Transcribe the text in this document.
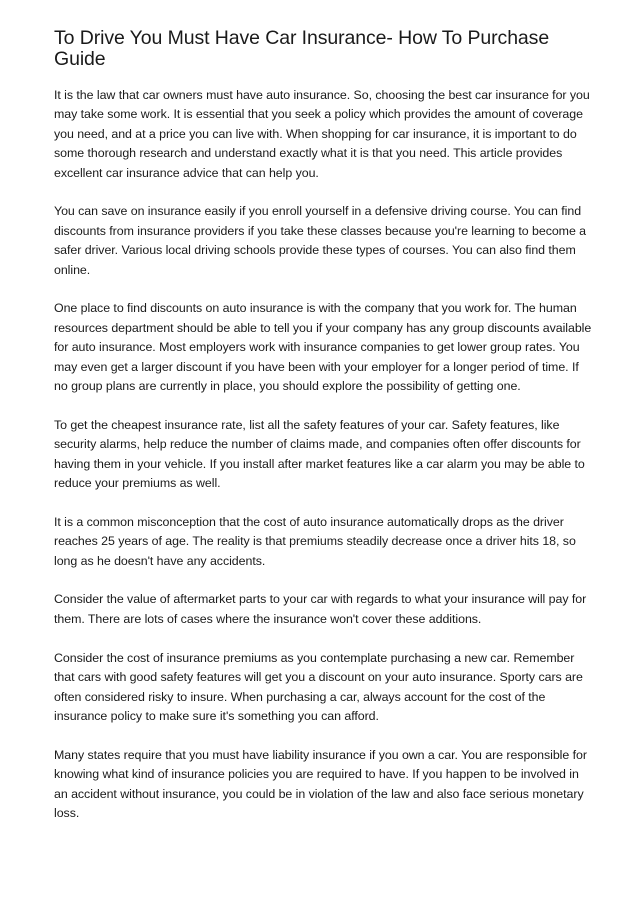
To Drive You Must Have Car Insurance- How To Purchase Guide

It is the law that car owners must have auto insurance. So, choosing the best car insurance for you may take some work. It is essential that you seek a policy which provides the amount of coverage you need, and at a price you can live with. When shopping for car insurance, it is important to do some thorough research and understand exactly what it is that you need. This article provides excellent car insurance advice that can help you.

You can save on insurance easily if you enroll yourself in a defensive driving course. You can find discounts from insurance providers if you take these classes because you're learning to become a safer driver. Various local driving schools provide these types of courses. You can also find them online.

One place to find discounts on auto insurance is with the company that you work for. The human resources department should be able to tell you if your company has any group discounts available for auto insurance. Most employers work with insurance companies to get lower group rates. You may even get a larger discount if you have been with your employer for a longer period of time. If no group plans are currently in place, you should explore the possibility of getting one.

To get the cheapest insurance rate, list all the safety features of your car. Safety features, like security alarms, help reduce the number of claims made, and companies often offer discounts for having them in your vehicle. If you install after market features like a car alarm you may be able to reduce your premiums as well.

It is a common misconception that the cost of auto insurance automatically drops as the driver reaches 25 years of age. The reality is that premiums steadily decrease once a driver hits 18, so long as he doesn't have any accidents.

Consider the value of aftermarket parts to your car with regards to what your insurance will pay for them. There are lots of cases where the insurance won't cover these additions.

Consider the cost of insurance premiums as you contemplate purchasing a new car. Remember that cars with good safety features will get you a discount on your auto insurance. Sporty cars are often considered risky to insure. When purchasing a car, always account for the cost of the insurance policy to make sure it's something you can afford.

Many states require that you must have liability insurance if you own a car. You are responsible for knowing what kind of insurance policies you are required to have. If you happen to be involved in an accident without insurance, you could be in violation of the law and also face serious monetary loss.
